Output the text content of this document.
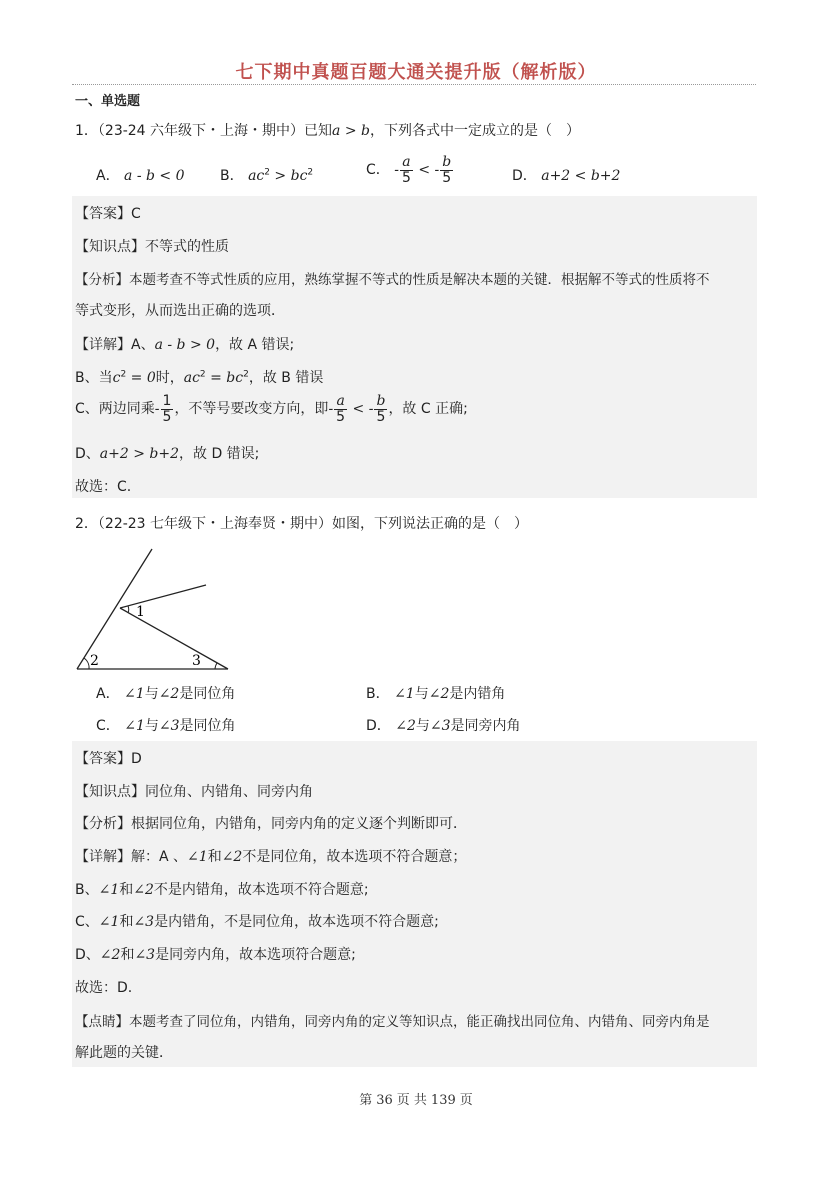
七下期中真题百题大通关提升版（解析版）
一、单选题
1．（23-24 六年级下・上海・期中）已知a > b，下列各式中一定成立的是（　）
A． a - b < 0	B． $ac^2 > bc^2$	C． - $\frac{a}{5}$ < - $\frac{b}{5}$	D． a+2 < b+2
【答案】C
【知识点】不等式的性质
【分析】本题考查不等式性质的应用，熟练掌握不等式的性质是解决本题的关键．根据解不等式的性质将不
等式变形，从而选出正确的选项．
【详解】A、a - b > 0，故 A 错误;
B、当$c^2 = 0$时，$ac^2 = bc^2$，故 B 错误
C、两边同乘- $\frac{1}{5}$ ，不等号要改变方向，即- $\frac{a}{5}$ < - $\frac{b}{5}$ ，故 C 正确;
D、a+2 > b+2，故 D 错误;
故选：C.
2．（22-23 七年级下・上海奉贤・期中）如图，下列说法正确的是（　）
1
2	3
A． ∠1与∠2是同位角	B． ∠1与∠2是内错角
C． ∠1与∠3是同位角	D． ∠2与∠3是同旁内角
【答案】D
【知识点】同位角、内错角、同旁内角
【分析】根据同位角，内错角，同旁内角的定义逐个判断即可．
【详解】解：A 、∠1和∠2不是同位角，故本选项不符合题意；
B、∠1和∠2不是内错角，故本选项不符合题意;
C、∠1和∠3是内错角，不是同位角，故本选项不符合题意;
D、∠2和∠3是同旁内角，故本选项符合题意;
故选：D.
【点睛】本题考查了同位角，内错角，同旁内角的定义等知识点，能正确找出同位角、内错角、同旁内角是
解此题的关键．
第 36 页 共 139 页
